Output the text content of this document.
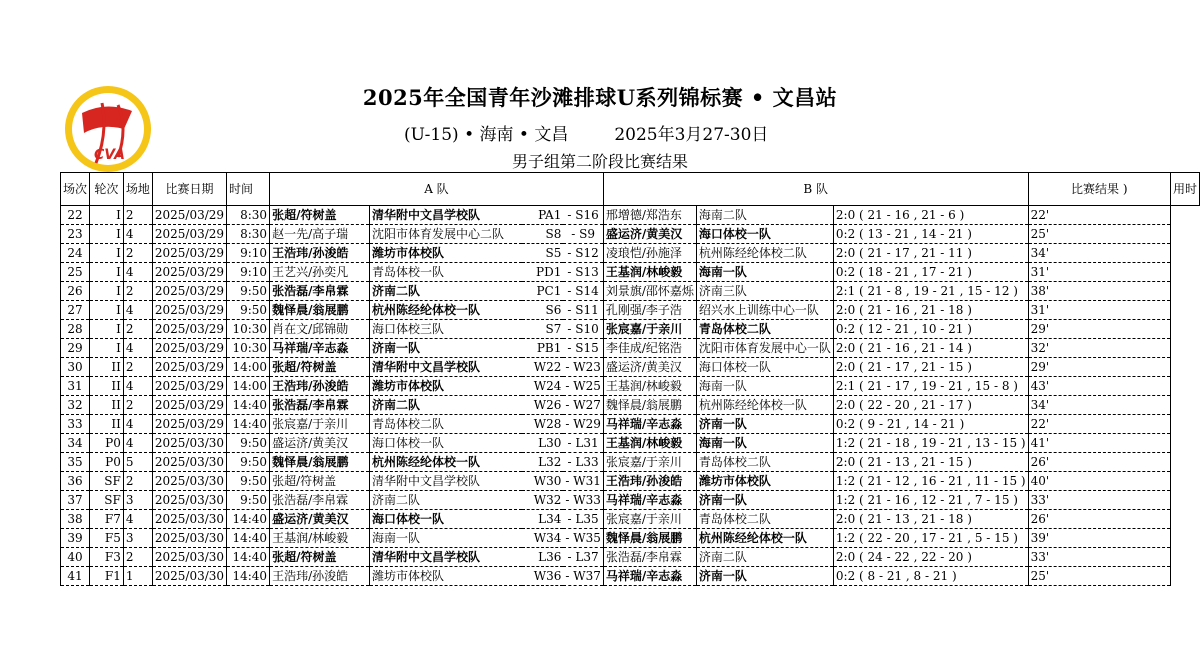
CVA
2025年全国青年沙滩排球U系列锦标赛 • 文昌站
(U-15) • 海南 • 文昌	2025年3月27-30日
男子组第二阶段比赛结果
场次	轮次	场地	比赛日期	时间	A 队				B 队			比赛结果 )	用时
22	I	2	2025/03/29	8:30	张超/符树盖	清华附中文昌学校队	PA1	- S16	邢增德/郑浩东	海南二队	2:0 ( 21 - 16 , 21 - 6 )	22'	
23	I	4	2025/03/29	8:30	赵一先/高子瑞	沈阳市体育发展中心二队	S8	- S9	盛运济/黄美汉	海口体校一队	0:2 ( 13 - 21 , 14 - 21 )	25'	
24	I	2	2025/03/29	9:10	王浩玮/孙浚皓	潍坊市体校队	S5	- S12	凌琅恺/孙施泽	杭州陈经纶体校二队	2:0 ( 21 - 17 , 21 - 11 )	34'	
25	I	4	2025/03/29	9:10	王艺兴/孙奕凡	青岛体校一队	PD1	- S13	王基润/林峻毅	海南一队	0:2 ( 18 - 21 , 17 - 21 )	31'	
26	I	2	2025/03/29	9:50	张浩磊/李帛霖	济南二队	PC1	- S14	刘景旗/邵怀嘉烁	济南三队	2:1 ( 21 - 8 , 19 - 21 , 15 - 12 )	38'	
27	I	4	2025/03/29	9:50	魏怿晨/翁展鹏	杭州陈经纶体校一队	S6	- S11	孔刚强/李子浩	绍兴水上训练中心一队	2:0 ( 21 - 16 , 21 - 18 )	31'	
28	I	2	2025/03/29	10:30	肖在文/邱锦勋	海口体校三队	S7	- S10	张宸嘉/于亲川	青岛体校二队	0:2 ( 12 - 21 , 10 - 21 )	29'	
29	I	4	2025/03/29	10:30	马祥瑞/辛志淼	济南一队	PB1	- S15	李佳成/纪铭浩	沈阳市体育发展中心一队	2:0 ( 21 - 16 , 21 - 14 )	32'	
30	II	2	2025/03/29	14:00	张超/符树盖	清华附中文昌学校队	W22	- W23	盛运济/黄美汉	海口体校一队	2:0 ( 21 - 17 , 21 - 15 )	29'	
31	II	4	2025/03/29	14:00	王浩玮/孙浚皓	潍坊市体校队	W24	- W25	王基润/林峻毅	海南一队	2:1 ( 21 - 17 , 19 - 21 , 15 - 8 )	43'	
32	II	2	2025/03/29	14:40	张浩磊/李帛霖	济南二队	W26	- W27	魏怿晨/翁展鹏	杭州陈经纶体校一队	2:0 ( 22 - 20 , 21 - 17 )	34'	
33	II	4	2025/03/29	14:40	张宸嘉/于亲川	青岛体校二队	W28	- W29	马祥瑞/辛志淼	济南一队	0:2 ( 9 - 21 , 14 - 21 )	22'	
34	P0	4	2025/03/30	9:50	盛运济/黄美汉	海口体校一队	L30	- L31	王基润/林峻毅	海南一队	1:2 ( 21 - 18 , 19 - 21 , 13 - 15 )	41'	
35	P0	5	2025/03/30	9:50	魏怿晨/翁展鹏	杭州陈经纶体校一队	L32	- L33	张宸嘉/于亲川	青岛体校二队	2:0 ( 21 - 13 , 21 - 15 )	26'	
36	SF	2	2025/03/30	9:50	张超/符树盖	清华附中文昌学校队	W30	- W31	王浩玮/孙浚皓	潍坊市体校队	1:2 ( 21 - 12 , 16 - 21 , 11 - 15 )	40'	
37	SF	3	2025/03/30	9:50	张浩磊/李帛霖	济南二队	W32	- W33	马祥瑞/辛志淼	济南一队	1:2 ( 21 - 16 , 12 - 21 , 7 - 15 )	33'	
38	F7	4	2025/03/30	14:40	盛运济/黄美汉	海口体校一队	L34	- L35	张宸嘉/于亲川	青岛体校二队	2:0 ( 21 - 13 , 21 - 18 )	26'	
39	F5	3	2025/03/30	14:40	王基润/林峻毅	海南一队	W34	- W35	魏怿晨/翁展鹏	杭州陈经纶体校一队	1:2 ( 22 - 20 , 17 - 21 , 5 - 15 )	39'	
40	F3	2	2025/03/30	14:40	张超/符树盖	清华附中文昌学校队	L36	- L37	张浩磊/李帛霖	济南二队	2:0 ( 24 - 22 , 22 - 20 )	33'	
41	F1	1	2025/03/30	14:40	王浩玮/孙浚皓	潍坊市体校队	W36	- W37	马祥瑞/辛志淼	济南一队	0:2 ( 8 - 21 , 8 - 21 )	25'	
